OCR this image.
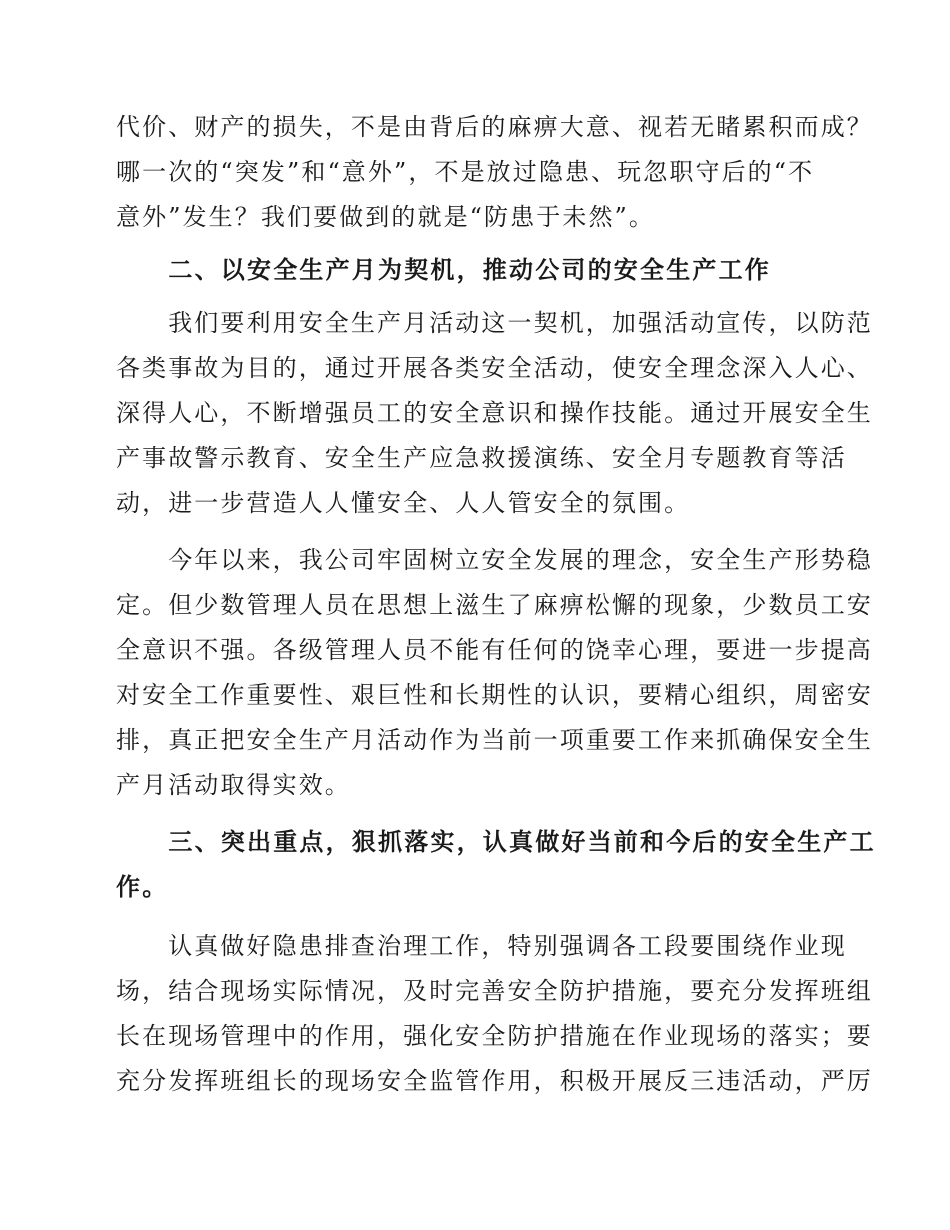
代价、财产的损失，不是由背后的麻痹大意、视若无睹累积而成？
哪一次的“突发”和“意外”，不是放过隐患、玩忽职守后的“不
意外”发生？我们要做到的就是“防患于未然”。
　　二、以安全生产月为契机，推动公司的安全生产工作
　　我们要利用安全生产月活动这一契机，加强活动宣传，以防范
各类事故为目的，通过开展各类安全活动，使安全理念深入人心、
深得人心，不断增强员工的安全意识和操作技能。通过开展安全生
产事故警示教育、安全生产应急救援演练、安全月专题教育等活
动，进一步营造人人懂安全、人人管安全的氛围。
　　今年以来，我公司牢固树立安全发展的理念，安全生产形势稳
定。但少数管理人员在思想上滋生了麻痹松懈的现象，少数员工安
全意识不强。各级管理人员不能有任何的饶幸心理，要进一步提高
对安全工作重要性、艰巨性和长期性的认识，要精心组织，周密安
排，真正把安全生产月活动作为当前一项重要工作来抓确保安全生
产月活动取得实效。
　　三、突出重点，狠抓落实，认真做好当前和今后的安全生产工
作。
　　认真做好隐患排查治理工作，特别强调各工段要围绕作业现
场，结合现场实际情况，及时完善安全防护措施，要充分发挥班组
长在现场管理中的作用，强化安全防护措施在作业现场的落实；要
充分发挥班组长的现场安全监管作用，积极开展反三违活动，严厉
